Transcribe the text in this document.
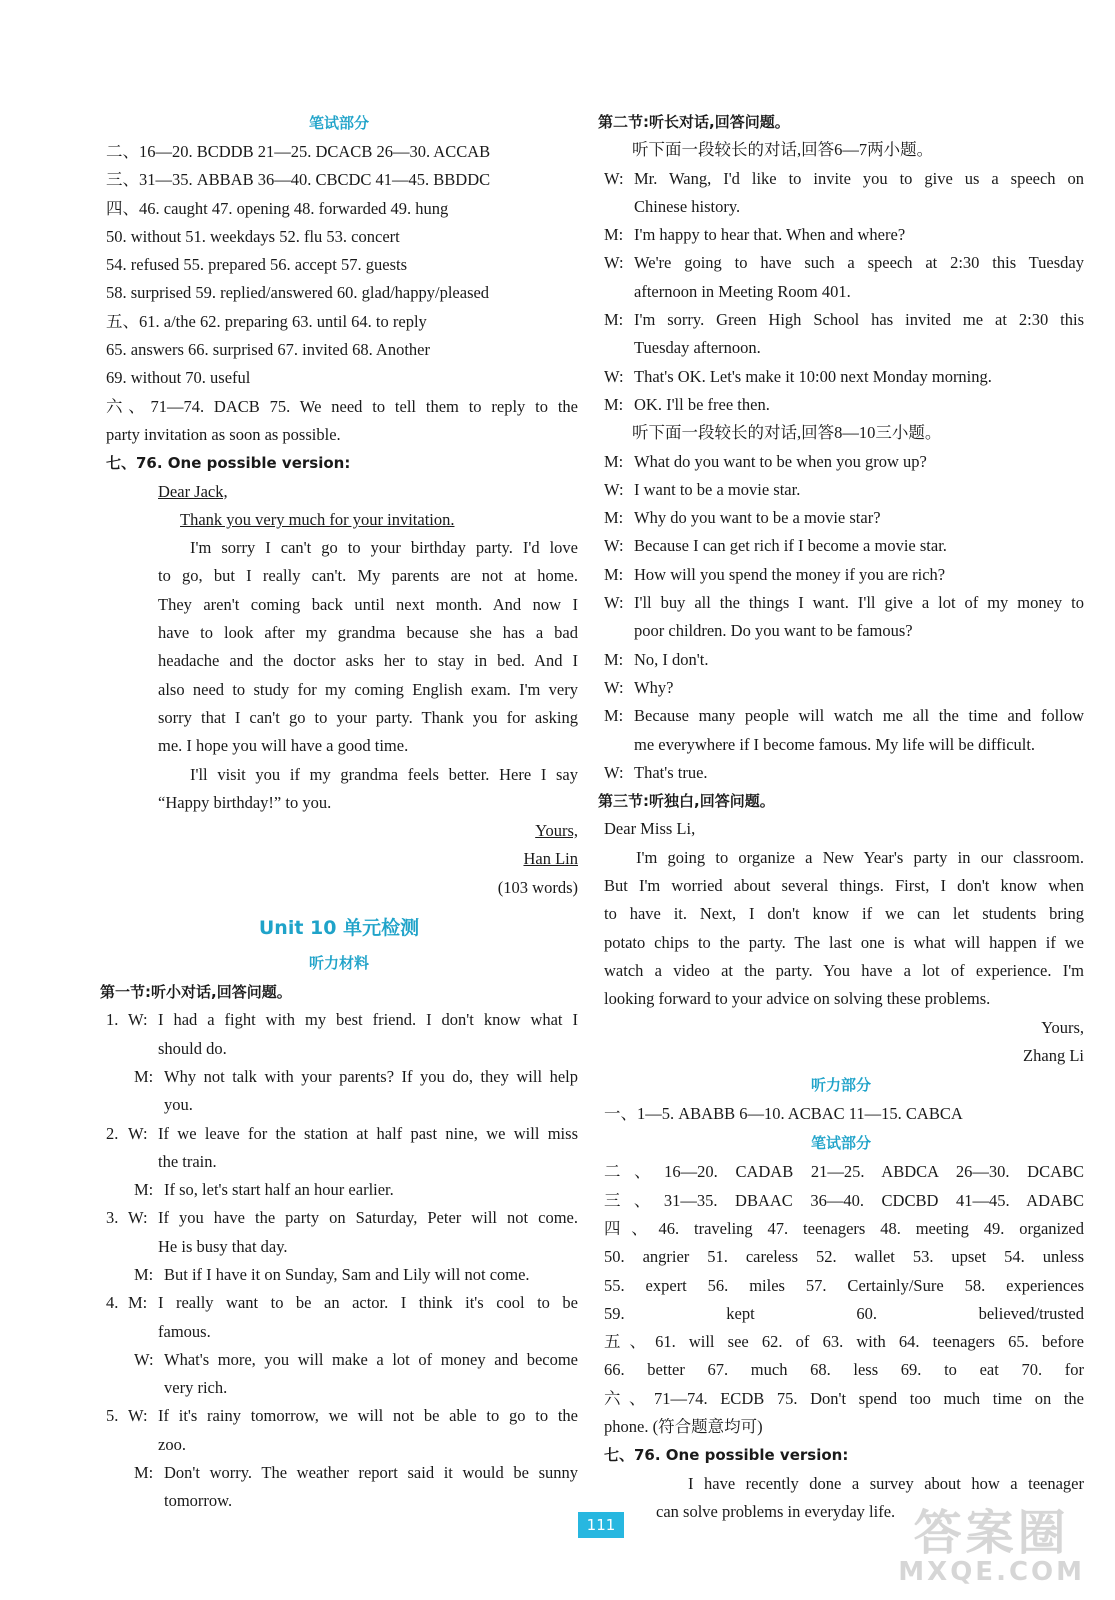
笔试部分

二、16—20. BCDDB 21—25. DCACB 26—30. ACCAB

三、31—35. ABBAB 36—40. CBCDC 41—45. BBDDC

四、46. caught 47. opening 48. forwarded 49. hung

50. without 51. weekdays 52. flu 53. concert

54. refused 55. prepared 56. accept 57. guests

58. surprised 59. replied/answered 60. glad/happy/pleased

五、61. a/the 62. preparing 63. until 64. to reply

65. answers 66. surprised 67. invited 68. Another

69. without 70. useful

六、71—74. DACB 75. We need to tell them to reply to the

party invitation as soon as possible.

七、76. One possible version:

Dear Jack,

Thank you very much for your invitation.

I'm sorry I can't go to your birthday party. I'd love

to go, but I really can't. My parents are not at home.

They aren't coming back until next month. And now I

have to look after my grandma because she has a bad

headache and the doctor asks her to stay in bed. And I

also need to study for my coming English exam. I'm very

sorry that I can't go to your party. Thank you for asking

me. I hope you will have a good time.

I'll visit you if my grandma feels better. Here I say

“Happy birthday!” to you.

Yours,

Han Lin

(103 words)

Unit 10 单元检测

听力材料

第一节:听小对话,回答问题。

1. W: I had a fight with my best friend. I don't know what I

should do.

M: Why not talk with your parents? If you do, they will help

you.

2. W: If we leave for the station at half past nine, we will miss

the train.

M: If so, let's start half an hour earlier.

3. W: If you have the party on Saturday, Peter will not come.

He is busy that day.

M: But if I have it on Sunday, Sam and Lily will not come.

4. M: I really want to be an actor. I think it's cool to be

famous.

W: What's more, you will make a lot of money and become

very rich.

5. W: If it's rainy tomorrow, we will not be able to go to the

zoo.

M: Don't worry. The weather report said it would be sunny

tomorrow.

第二节:听长对话,回答问题。

听下面一段较长的对话,回答6—7两小题。

W: Mr. Wang, I'd like to invite you to give us a speech on

Chinese history.

M: I'm happy to hear that. When and where?

W: We're going to have such a speech at 2:30 this Tuesday

afternoon in Meeting Room 401.

M: I'm sorry. Green High School has invited me at 2:30 this

Tuesday afternoon.

W: That's OK. Let's make it 10:00 next Monday morning.

M: OK. I'll be free then.

听下面一段较长的对话,回答8—10三小题。

M: What do you want to be when you grow up?

W: I want to be a movie star.

M: Why do you want to be a movie star?

W: Because I can get rich if I become a movie star.

M: How will you spend the money if you are rich?

W: I'll buy all the things I want. I'll give a lot of my money to

poor children. Do you want to be famous?

M: No, I don't.

W: Why?

M: Because many people will watch me all the time and follow

me everywhere if I become famous. My life will be difficult.

W: That's true.

第三节:听独白,回答问题。

Dear Miss Li,

I'm going to organize a New Year's party in our classroom.

But I'm worried about several things. First, I don't know when

to have it. Next, I don't know if we can let students bring

potato chips to the party. The last one is what will happen if we

watch a video at the party. You have a lot of experience. I'm

looking forward to your advice on solving these problems.

Yours,

Zhang Li

听力部分

一、1—5. ABABB 6—10. ACBAC 11—15. CABCA

笔试部分

二、16—20. CADAB 21—25. ABDCA 26—30. DCABC

三、31—35. DBAAC 36—40. CDCBD 41—45. ADABC

四、46. traveling 47. teenagers 48. meeting 49. organized

50. angrier 51. careless 52. wallet 53. upset 54. unless

55. expert 56. miles 57. Certainly/Sure 58. experiences

59. kept 60. believed/trusted

五、61. will see 62. of 63. with 64. teenagers 65. before

66. better 67. much 68. less 69. to eat 70. for

六、71—74. ECDB 75. Don't spend too much time on the

phone. (符合题意均可)

七、76. One possible version:

I have recently done a survey about how a teenager

can solve problems in everyday life.

111	答案圈
MXQE.COM
